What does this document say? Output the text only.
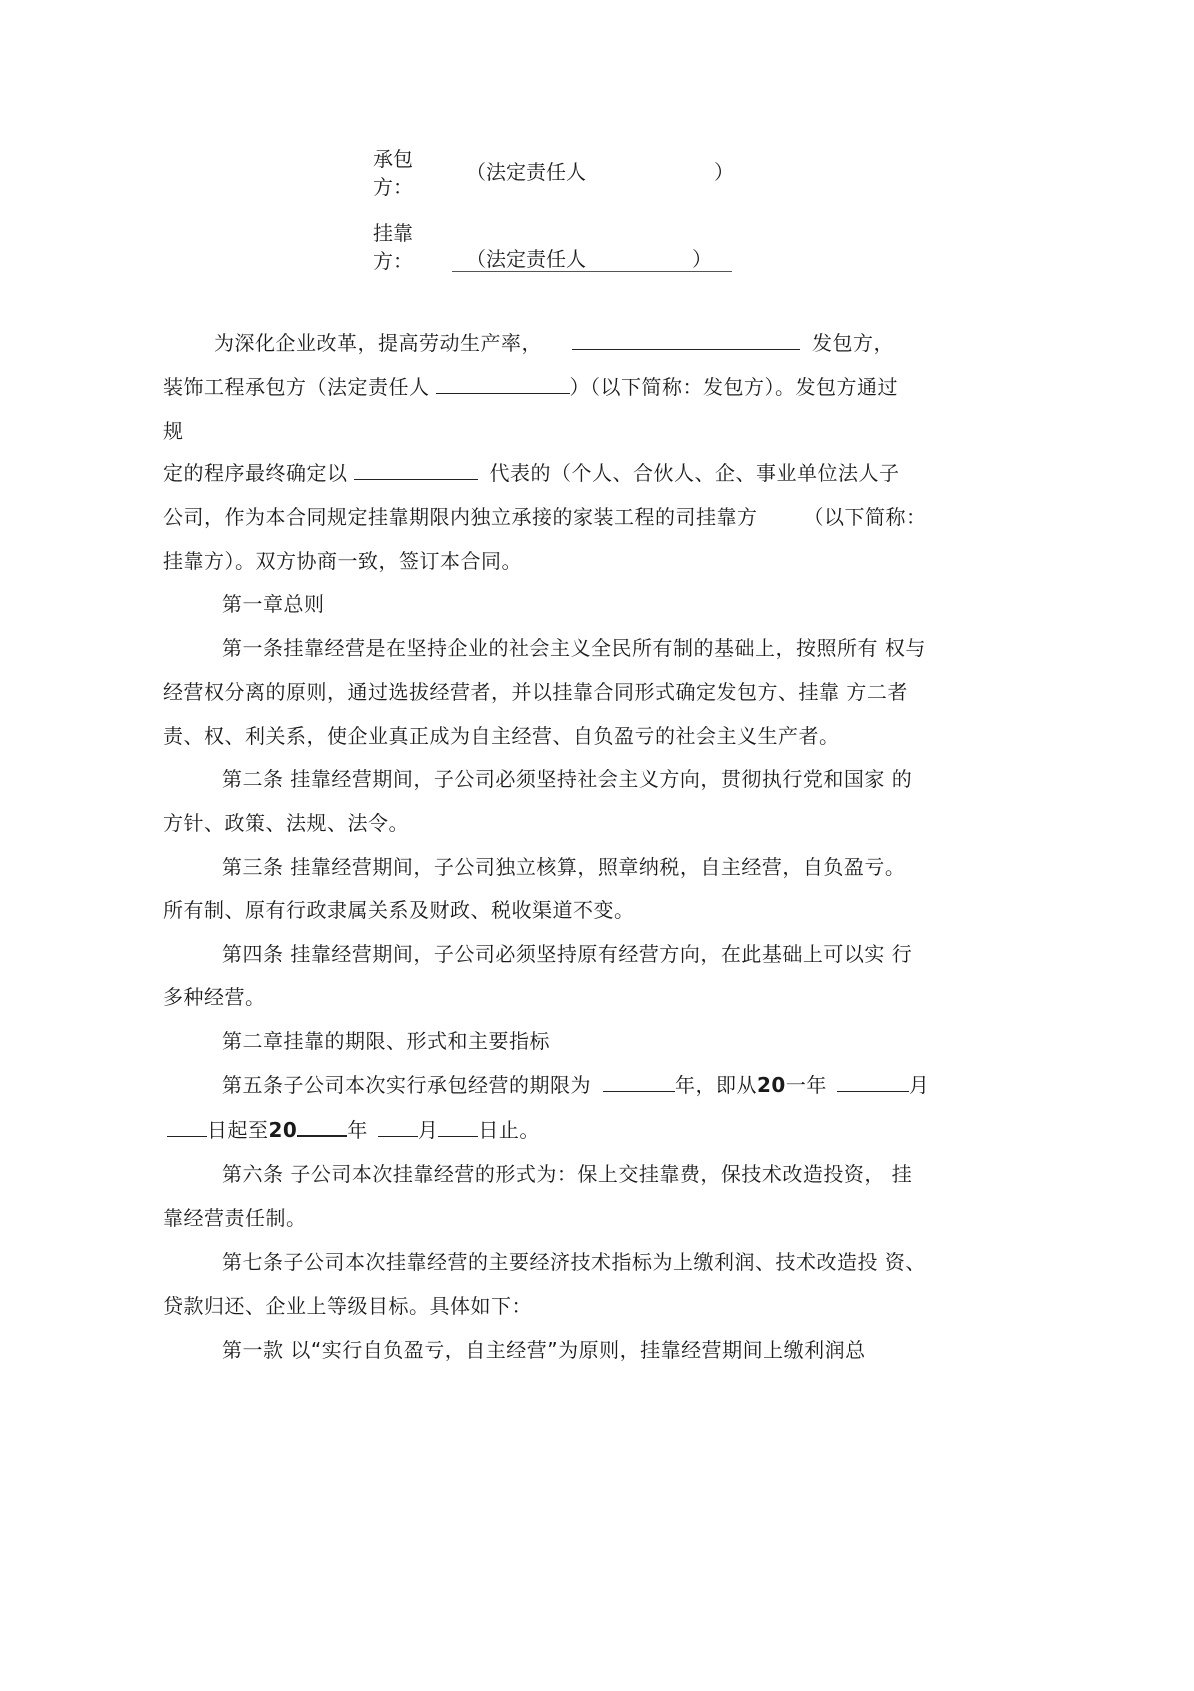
承包
方：
（法定责任人	）
挂靠
方：	（法定责任人	）
为深化企业改革，提高劳动生产率，	发包方，
装饰工程承包方（法定责任人	）（以下简称：发包方）。发包方通过
规
定的程序最终确定以	代表的（个人、合伙人、企、事业单位法人子
公司，作为本合同规定挂靠期限内独立承接的家装工程的司挂靠方 （以下简称：
挂靠方）。双方协商一致，签订本合同。
第一章总则
第一条挂靠经营是在坚持企业的社会主义全民所有制的基础上，按照所有 权与
经营权分离的原则，通过选拔经营者，并以挂靠合同形式确定发包方、挂靠 方二者
责、权、利关系，使企业真正成为自主经营、自负盈亏的社会主义生产者。
第二条 挂靠经营期间，子公司必须坚持社会主义方向，贯彻执行党和国家 的
方针、政策、法规、法令。
第三条 挂靠经营期间，子公司独立核算，照章纳税，自主经营，自负盈亏。
所有制、原有行政隶属关系及财政、税收渠道不变。
第四条 挂靠经营期间，子公司必须坚持原有经营方向，在此基础上可以实 行
多种经营。
第二章挂靠的期限、形式和主要指标
第五条子公司本次实行承包经营的期限为	年，即从20一年	月
日起至20	年	月 日止。
第六条 子公司本次挂靠经营的形式为：保上交挂靠费，保技术改造投资， 挂
靠经营责任制。
第七条子公司本次挂靠经营的主要经济技术指标为上缴利润、技术改造投 资、
贷款归还、企业上等级目标。具体如下：
第一款 以“实行自负盈亏，自主经营”为原则，挂靠经营期间上缴利润总
